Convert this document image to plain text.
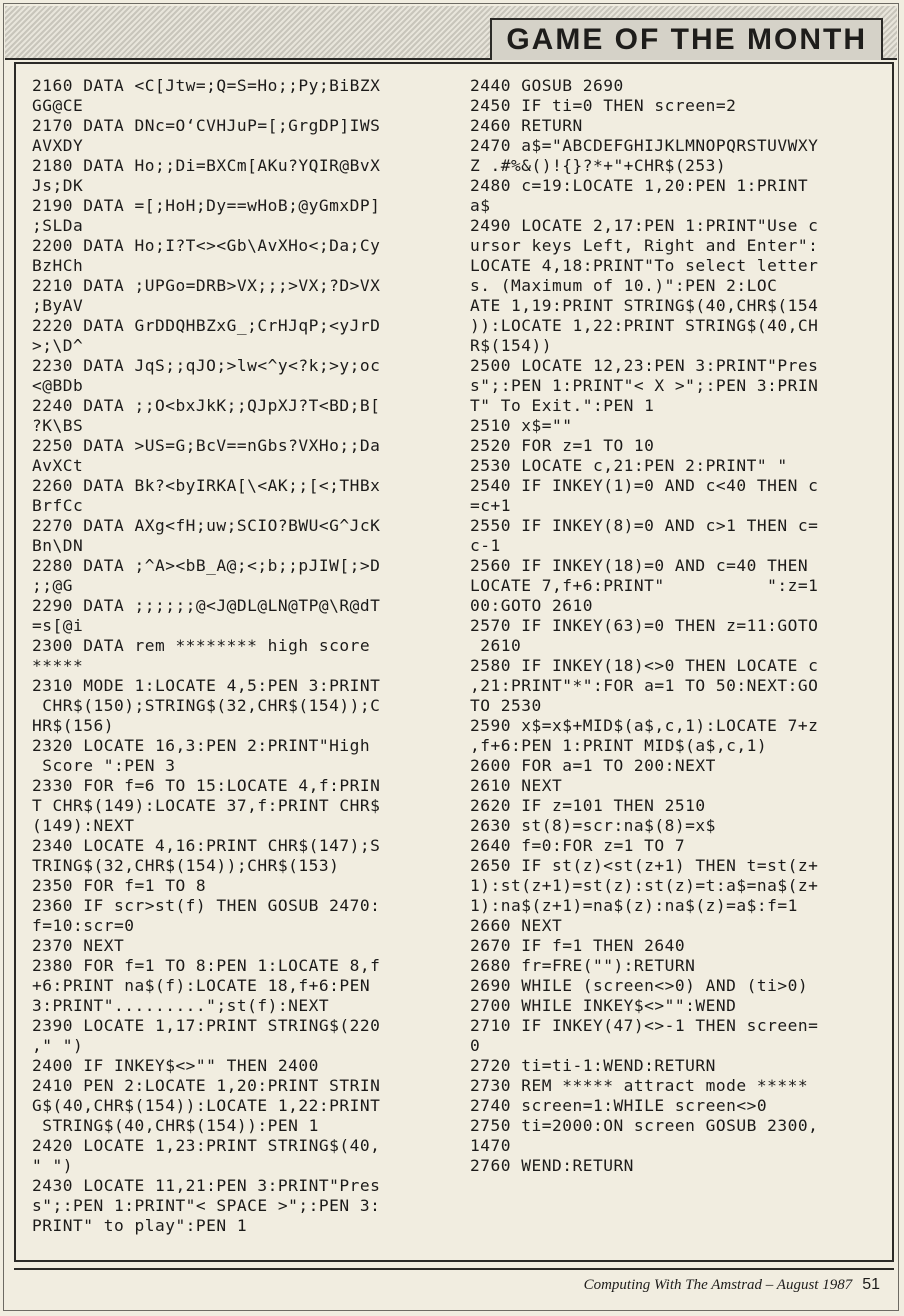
GAME OF THE MONTH
2160 DATA <C[Jtw=;Q=S=Ho;;Py;BiBZX
GG@CE
2170 DATA DNc=O‘CVHJuP=[;GrgDP]IWS
AVXDY
2180 DATA Ho;;Di=BXCm[AKu?YQIR@BvX
Js;DK
2190 DATA =[;HoH;Dy==wHoB;@yGmxDP]
;SLDa
2200 DATA Ho;I?T<><Gb\AvXHo<;Da;Cy
BzHCh
2210 DATA ;UPGo=DRB>VX;;;>VX;?D>VX
;ByAV
2220 DATA GrDDQHBZxG_;CrHJqP;<yJrD
>;\D^
2230 DATA JqS;;qJO;>lw<^y<?k;>y;oc
<@BDb
2240 DATA ;;O<bxJkK;;QJpXJ?T<BD;B[
?K\BS
2250 DATA >US=G;BcV==nGbs?VXHo;;Da
AvXCt
2260 DATA Bk?<byIRKA[\<AK;;[<;THBx
BrfCc
2270 DATA AXg<fH;uw;SCIO?BWU<G^JcK
Bn\DN
2280 DATA ;^A><bB_A@;<;b;;pJIW[;>D
;;@G
2290 DATA ;;;;;;@<J@DL@LN@TP@\R@dT
=s[@i
2300 DATA rem ******** high score
*****
2310 MODE 1:LOCATE 4,5:PEN 3:PRINT
CHR$(150);STRING$(32,CHR$(154));C
HR$(156)
2320 LOCATE 16,3:PEN 2:PRINT"High
Score ":PEN 3
2330 FOR f=6 TO 15:LOCATE 4,f:PRIN
T CHR$(149):LOCATE 37,f:PRINT CHR$
(149):NEXT
2340 LOCATE 4,16:PRINT CHR$(147);S
TRING$(32,CHR$(154));CHR$(153)
2350 FOR f=1 TO 8
2360 IF scr>st(f) THEN GOSUB 2470:
f=10:scr=0
2370 NEXT
2380 FOR f=1 TO 8:PEN 1:LOCATE 8,f
+6:PRINT na$(f):LOCATE 18,f+6:PEN
3:PRINT".........";st(f):NEXT
2390 LOCATE 1,17:PRINT STRING$(220
," ")
2400 IF INKEY$<>"" THEN 2400
2410 PEN 2:LOCATE 1,20:PRINT STRIN
G$(40,CHR$(154)):LOCATE 1,22:PRINT
STRING$(40,CHR$(154)):PEN 1
2420 LOCATE 1,23:PRINT STRING$(40,
" ")
2430 LOCATE 11,21:PEN 3:PRINT"Pres
s";:PEN 1:PRINT"< SPACE >";:PEN 3:
PRINT" to play":PEN 1
2440 GOSUB 2690
2450 IF ti=0 THEN screen=2
2460 RETURN
2470 a$="ABCDEFGHIJKLMNOPQRSTUVWXY
Z .#%&()!{}?*+"+CHR$(253)
2480 c=19:LOCATE 1,20:PEN 1:PRINT
a$
2490 LOCATE 2,17:PEN 1:PRINT"Use c
ursor keys Left, Right and Enter":
LOCATE 4,18:PRINT"To select letter
s. (Maximum of 10.)":PEN 2:LOC
ATE 1,19:PRINT STRING$(40,CHR$(154
)):LOCATE 1,22:PRINT STRING$(40,CH
R$(154))
2500 LOCATE 12,23:PEN 3:PRINT"Pres
s";:PEN 1:PRINT"< X >";:PEN 3:PRIN
T" To Exit.":PEN 1
2510 x$=""
2520 FOR z=1 TO 10
2530 LOCATE c,21:PEN 2:PRINT" "
2540 IF INKEY(1)=0 AND c<40 THEN c
=c+1
2550 IF INKEY(8)=0 AND c>1 THEN c=
c-1
2560 IF INKEY(18)=0 AND c=40 THEN
LOCATE 7,f+6:PRINT"          ":z=1
00:GOTO 2610
2570 IF INKEY(63)=0 THEN z=11:GOTO
2610
2580 IF INKEY(18)<>0 THEN LOCATE c
,21:PRINT"*":FOR a=1 TO 50:NEXT:GO
TO 2530
2590 x$=x$+MID$(a$,c,1):LOCATE 7+z
,f+6:PEN 1:PRINT MID$(a$,c,1)
2600 FOR a=1 TO 200:NEXT
2610 NEXT
2620 IF z=101 THEN 2510
2630 st(8)=scr:na$(8)=x$
2640 f=0:FOR z=1 TO 7
2650 IF st(z)<st(z+1) THEN t=st(z+
1):st(z+1)=st(z):st(z)=t:a$=na$(z+
1):na$(z+1)=na$(z):na$(z)=a$:f=1
2660 NEXT
2670 IF f=1 THEN 2640
2680 fr=FRE(""):RETURN
2690 WHILE (screen<>0) AND (ti>0)
2700 WHILE INKEY$<>"":WEND
2710 IF INKEY(47)<>-1 THEN screen=
0
2720 ti=ti-1:WEND:RETURN
2730 REM ***** attract mode *****
2740 screen=1:WHILE screen<>0
2750 ti=2000:ON screen GOSUB 2300,
1470
2760 WEND:RETURN
Computing With The Amstrad – August 1987 51
